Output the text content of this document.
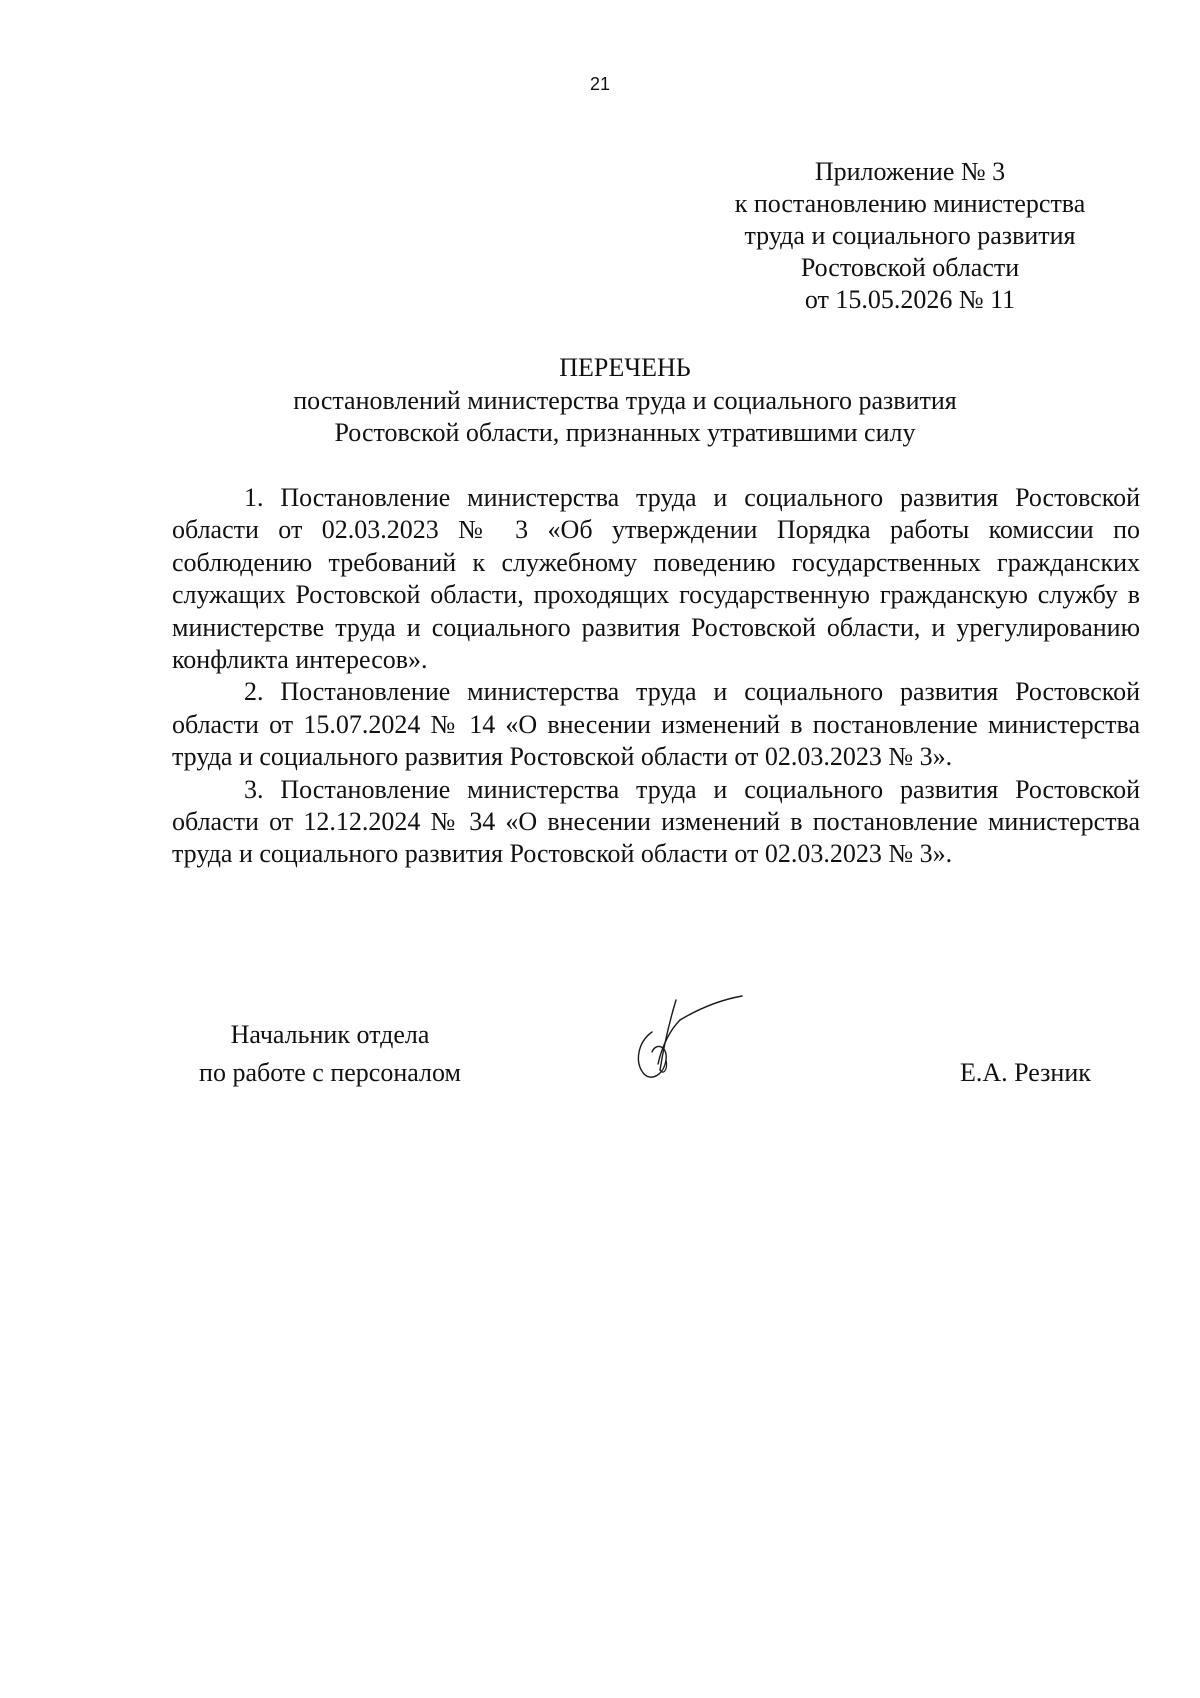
21
Приложение № 3
к постановлению министерства
труда и социального развития
Ростовской области
от 15.05.2026 № 11
ПЕРЕЧЕНЬ
постановлений министерства труда и социального развития
Ростовской области, признанных утратившими силу

1. Постановление министерства труда и социального развития Ростовской области от 02.03.2023 № 3 «Об утверждении Порядка работы комиссии по соблюдению требований к служебному поведению государственных гражданских служащих Ростовской области, проходящих государственную гражданскую службу в министерстве труда и социального развития Ростовской области, и урегулированию конфликта интересов».

2. Постановление министерства труда и социального развития Ростовской области от 15.07.2024 № 14 «О внесении изменений в постановление министерства труда и социального развития Ростовской области от 02.03.2023 № 3».

3. Постановление министерства труда и социального развития Ростовской области от 12.12.2024 № 34 «О внесении изменений в постановление министерства труда и социального развития Ростовской области от 02.03.2023 № 3».

Начальник отдела
по работе с персоналом	Е.А. Резник
